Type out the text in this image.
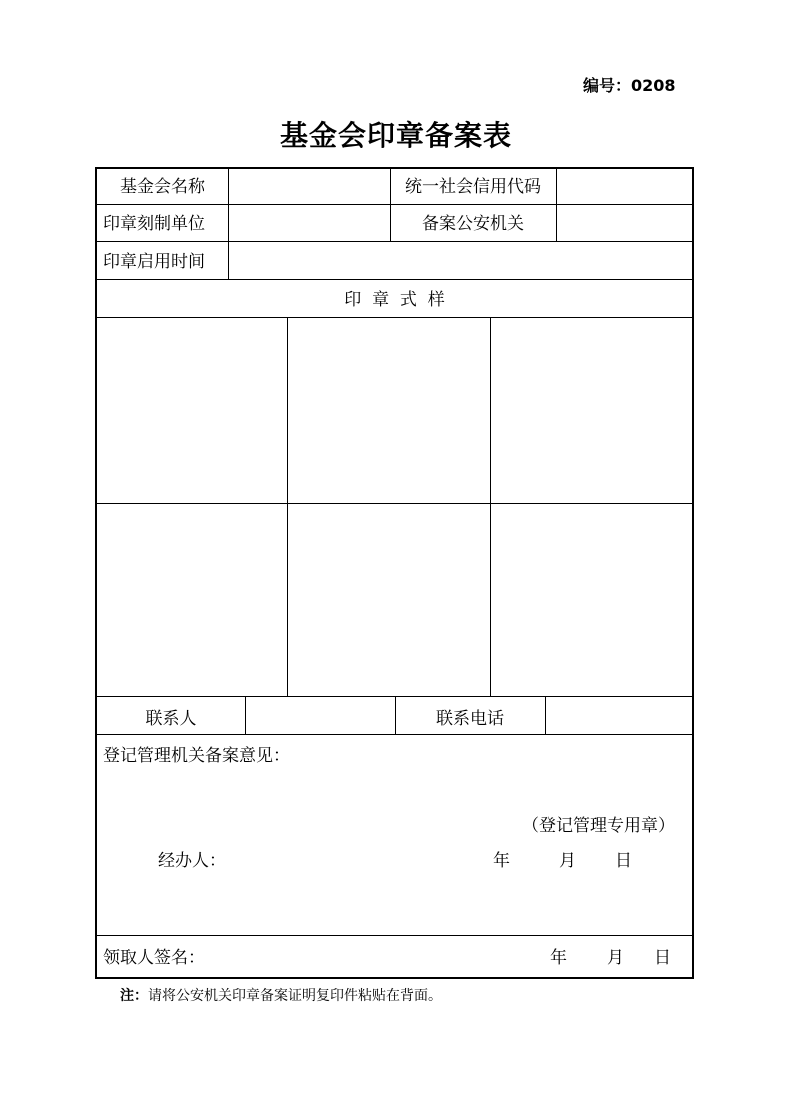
编号：0208
基金会印章备案表
基金会名称	统一社会信用代码
印章刻制单位	备案公安机关
印章启用时间
印  章  式  样
联系人	联系电话
登记管理机关备案意见：
（登记管理专用章）
经办人：	年	月 日
领取人签名：	年 月 日
注：请将公安机关印章备案证明复印件粘贴在背面。
